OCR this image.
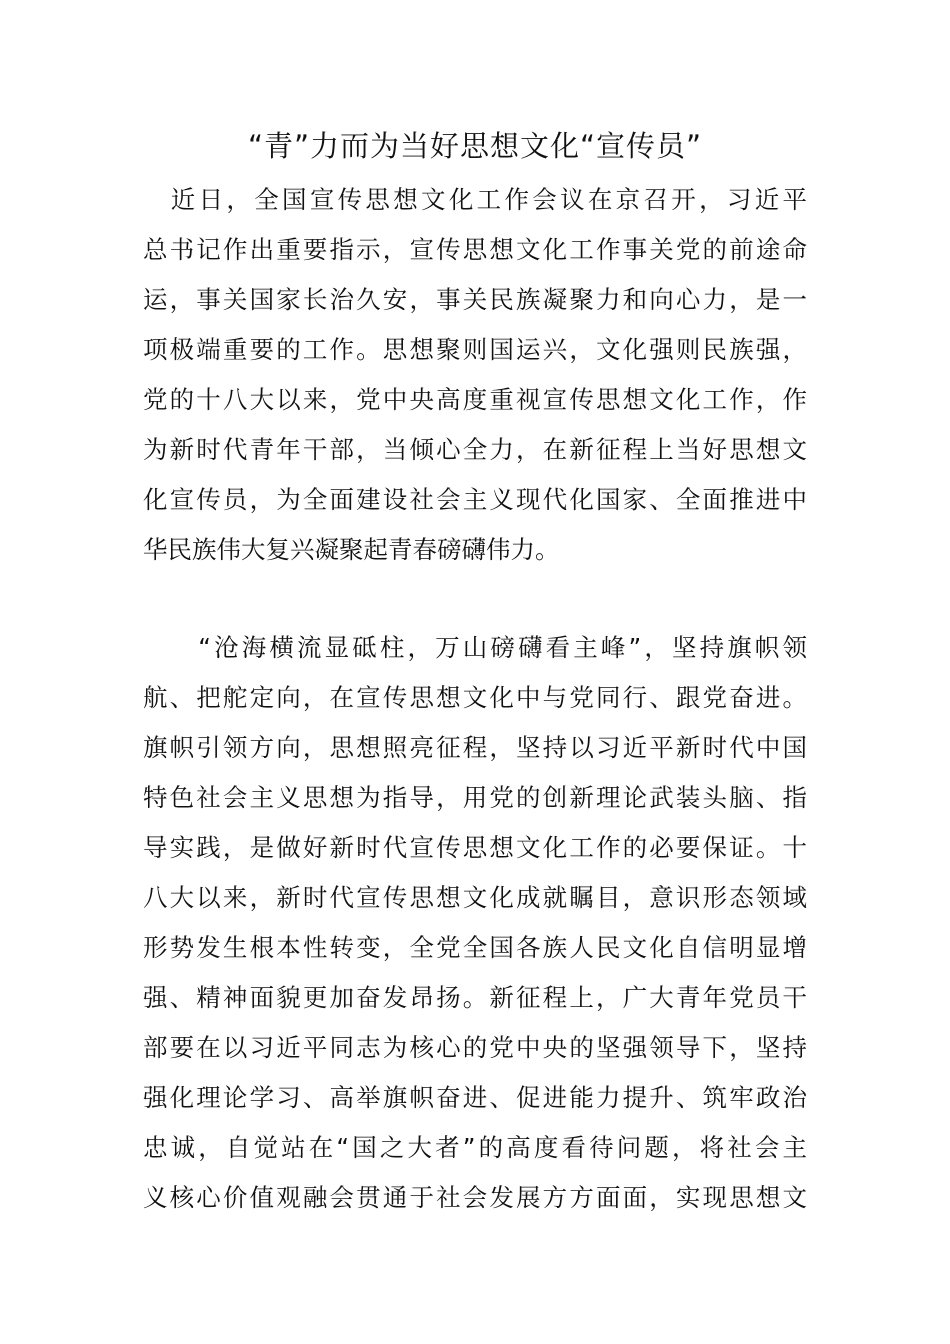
“青”力而为当好思想文化“宣传员”
　近日，全国宣传思想文化工作会议在京召开，习近平
总书记作出重要指示，宣传思想文化工作事关党的前途命
运，事关国家长治久安，事关民族凝聚力和向心力，是一
项极端重要的工作。思想聚则国运兴，文化强则民族强，
党的十八大以来，党中央高度重视宣传思想文化工作，作
为新时代青年干部，当倾心全力，在新征程上当好思想文
化宣传员，为全面建设社会主义现代化国家、全面推进中
华民族伟大复兴凝聚起青春磅礴伟力。
　　“沧海横流显砥柱，万山磅礴看主峰”，坚持旗帜领
航、把舵定向，在宣传思想文化中与党同行、跟党奋进。
旗帜引领方向，思想照亮征程，坚持以习近平新时代中国
特色社会主义思想为指导，用党的创新理论武装头脑、指
导实践，是做好新时代宣传思想文化工作的必要保证。十
八大以来，新时代宣传思想文化成就瞩目，意识形态领域
形势发生根本性转变，全党全国各族人民文化自信明显增
强、精神面貌更加奋发昂扬。新征程上，广大青年党员干
部要在以习近平同志为核心的党中央的坚强领导下，坚持
强化理论学习、高举旗帜奋进、促进能力提升、筑牢政治
忠诚，自觉站在“国之大者”的高度看待问题，将社会主
义核心价值观融会贯通于社会发展方方面面，实现思想文
